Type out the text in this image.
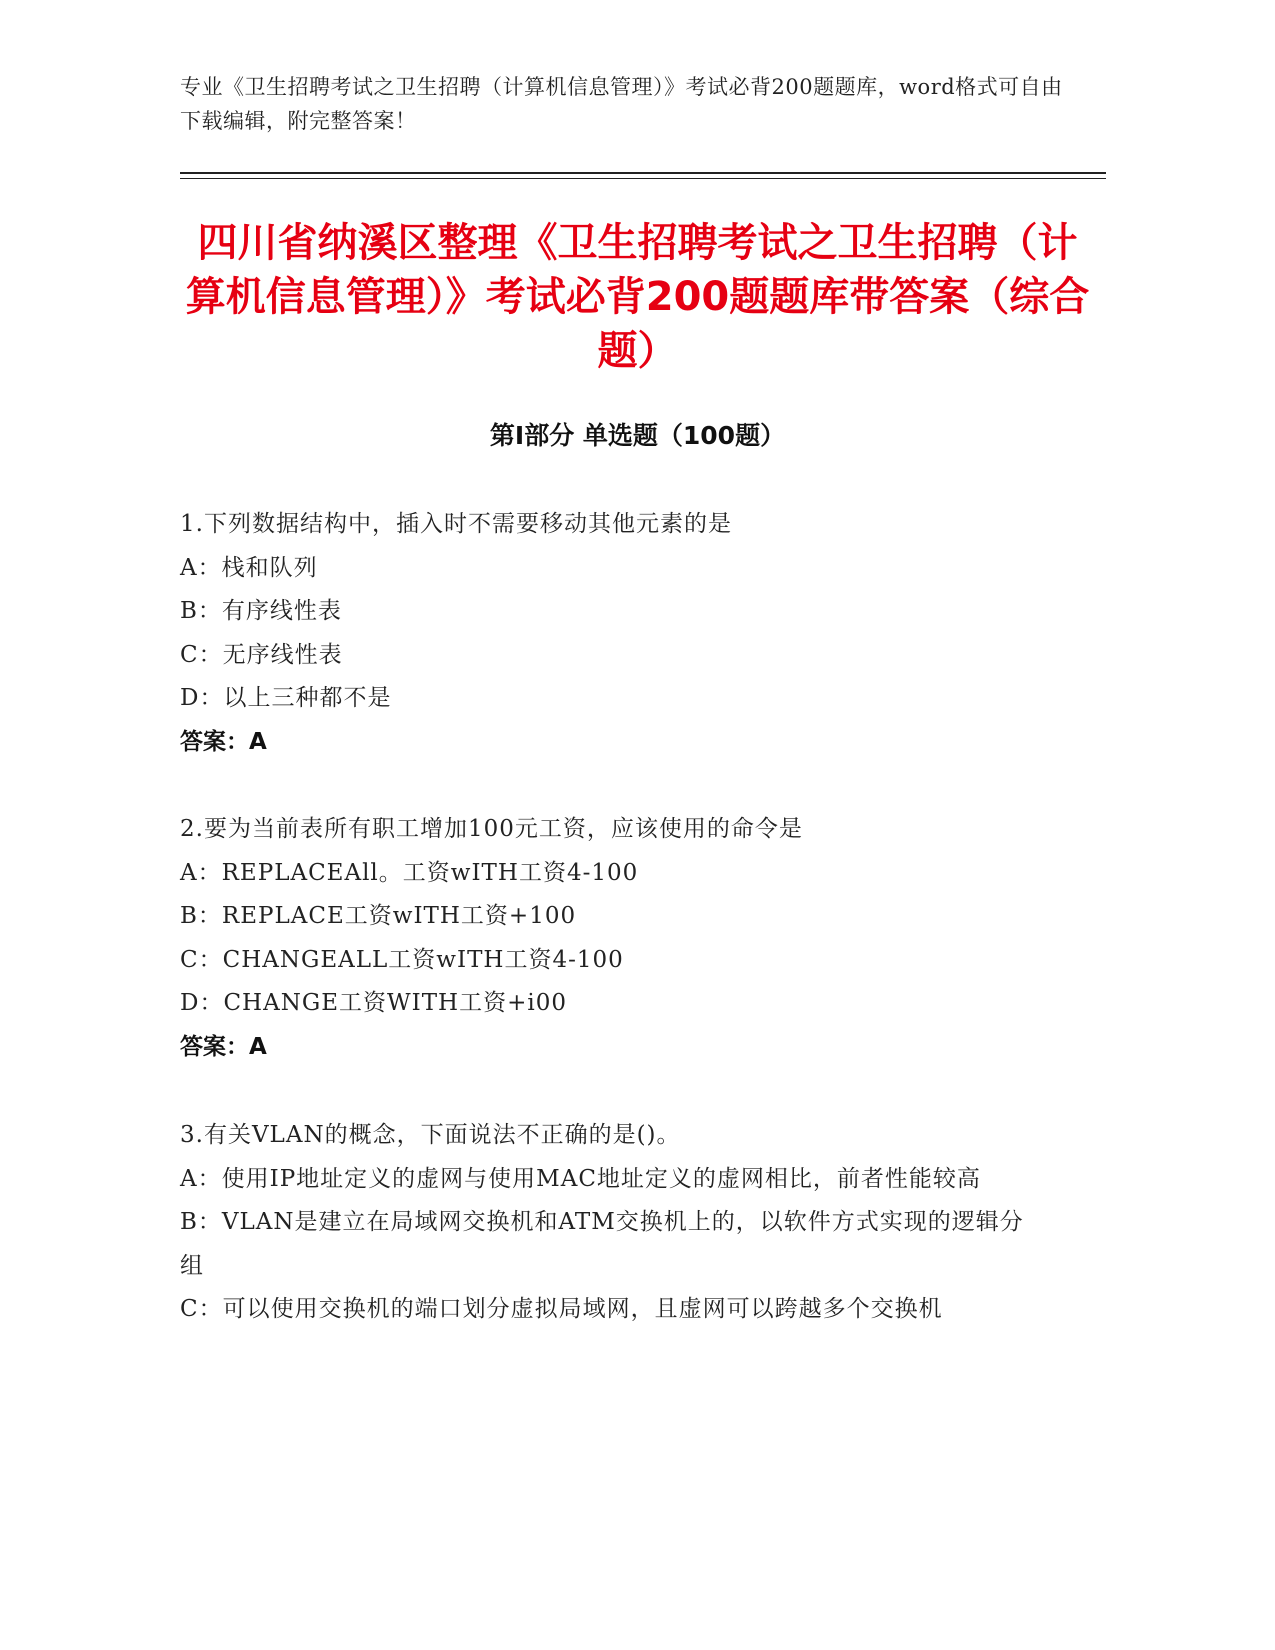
专业《卫生招聘考试之卫生招聘（计算机信息管理）》考试必背200题题库，word格式可自由下载编辑，附完整答案！
四川省纳溪区整理《卫生招聘考试之卫生招聘（计算机信息管理）》考试必背200题题库带答案（综合题）
第Ⅰ部分 单选题（100题）

1.下列数据结构中，插入时不需要移动其他元素的是

A：栈和队列

B：有序线性表

C：无序线性表

D：以上三种都不是

答案：A

2.要为当前表所有职工增加100元工资，应该使用的命令是

A：REPLACEAll。工资wITH工资4-100

B：REPLACE工资wITH工资+100

C：CHANGEALL工资wITH工资4-100

D：CHANGE工资WITH工资+i00

答案：A

3.有关VLAN的概念，下面说法不正确的是()。

A：使用IP地址定义的虚网与使用MAC地址定义的虚网相比，前者性能较高

B：VLAN是建立在局域网交换机和ATM交换机上的，以软件方式实现的逻辑分组

C：可以使用交换机的端口划分虚拟局域网，且虚网可以跨越多个交换机
